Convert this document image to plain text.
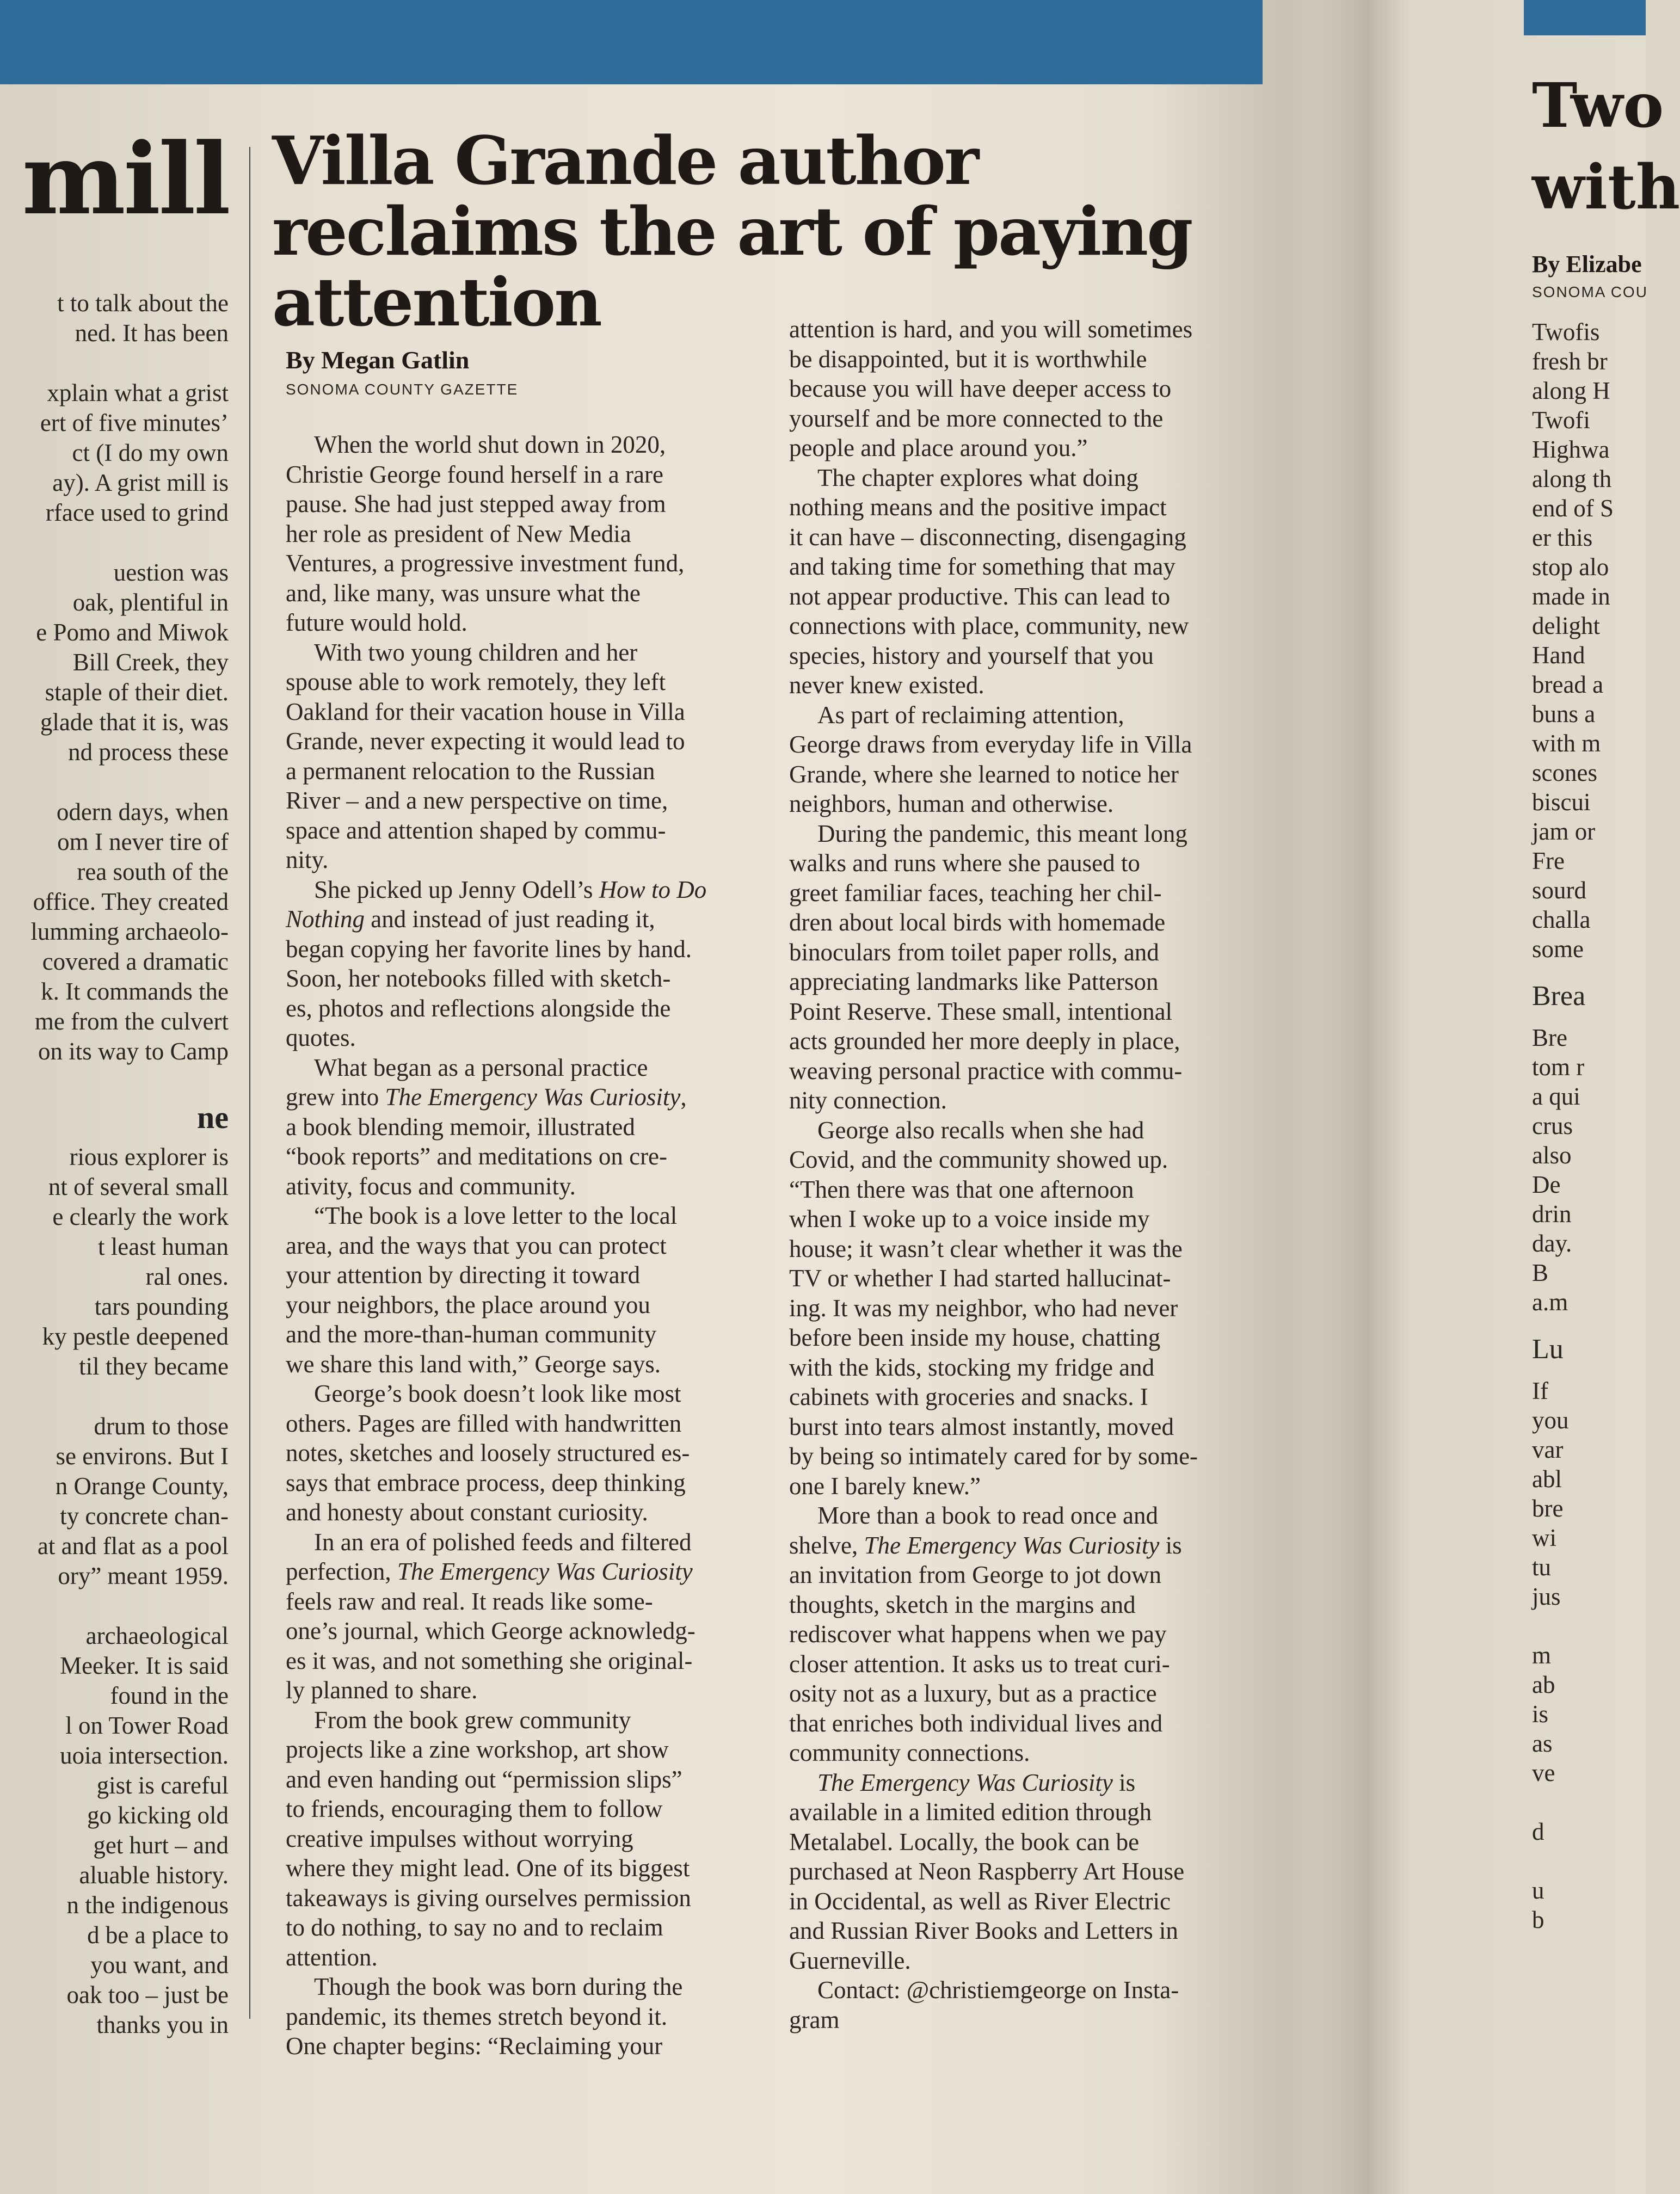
mill
t to talk about the
ned. It has been
xplain what a grist
ert of five minutes’
ct (I do my own
ay). A grist mill is
rface used to grind
uestion was
oak, plentiful in
e Pomo and Miwok
Bill Creek, they
staple of their diet.
glade that it is, was
nd process these
odern days, when
om I never tire of
rea south of the
office. They created
lumming archaeolo-
covered a dramatic
k. It commands the
me from the culvert
on its way to Camp
ne
rious explorer is
nt of several small
e clearly the work
t least human
ral ones.
tars pounding
ky pestle deepened
til they became
drum to those
se environs. But I
n Orange County,
ty concrete chan-
at and flat as a pool
ory” meant 1959.
archaeological
Meeker. It is said
found in the
l on Tower Road
uoia intersection.
gist is careful
go kicking old
get hurt – and
aluable history.
n the indigenous
d be a place to
you want, and
oak too – just be
thanks you in
Villa Grande author reclaims the art of paying attention
By Megan Gatlin
SONOMA COUNTY GAZETTE
When the world shut down in 2020,
Christie George found herself in a rare
pause. She had just stepped away from
her role as president of New Media
Ventures, a progressive investment fund,
and, like many, was unsure what the
future would hold.
With two young children and her
spouse able to work remotely, they left
Oakland for their vacation house in Villa
Grande, never expecting it would lead to
a permanent relocation to the Russian
River – and a new perspective on time,
space and attention shaped by commu-
nity.
She picked up Jenny Odell’s How to Do
Nothing and instead of just reading it,
began copying her favorite lines by hand.
Soon, her notebooks filled with sketch-
es, photos and reflections alongside the
quotes.
What began as a personal practice
grew into The Emergency Was Curiosity,
a book blending memoir, illustrated
“book reports” and meditations on cre-
ativity, focus and community.
“The book is a love letter to the local
area, and the ways that you can protect
your attention by directing it toward
your neighbors, the place around you
and the more-than-human community
we share this land with,” George says.
George’s book doesn’t look like most
others. Pages are filled with handwritten
notes, sketches and loosely structured es-
says that embrace process, deep thinking
and honesty about constant curiosity.
In an era of polished feeds and filtered
perfection, The Emergency Was Curiosity
feels raw and real. It reads like some-
one’s journal, which George acknowledg-
es it was, and not something she original-
ly planned to share.
From the book grew community
projects like a zine workshop, art show
and even handing out “permission slips”
to friends, encouraging them to follow
creative impulses without worrying
where they might lead. One of its biggest
takeaways is giving ourselves permission
to do nothing, to say no and to reclaim
attention.
Though the book was born during the
pandemic, its themes stretch beyond it.
One chapter begins: “Reclaiming your
attention is hard, and you will sometimes
be disappointed, but it is worthwhile
because you will have deeper access to
yourself and be more connected to the
people and place around you.”
The chapter explores what doing
nothing means and the positive impact
it can have – disconnecting, disengaging
and taking time for something that may
not appear productive. This can lead to
connections with place, community, new
species, history and yourself that you
never knew existed.
As part of reclaiming attention,
George draws from everyday life in Villa
Grande, where she learned to notice her
neighbors, human and otherwise.
During the pandemic, this meant long
walks and runs where she paused to
greet familiar faces, teaching her chil-
dren about local birds with homemade
binoculars from toilet paper rolls, and
appreciating landmarks like Patterson
Point Reserve. These small, intentional
acts grounded her more deeply in place,
weaving personal practice with commu-
nity connection.
George also recalls when she had
Covid, and the community showed up.
“Then there was that one afternoon
when I woke up to a voice inside my
house; it wasn’t clear whether it was the
TV or whether I had started hallucinat-
ing. It was my neighbor, who had never
before been inside my house, chatting
with the kids, stocking my fridge and
cabinets with groceries and snacks. I
burst into tears almost instantly, moved
by being so intimately cared for by some-
one I barely knew.”
More than a book to read once and
shelve, The Emergency Was Curiosity is
an invitation from George to jot down
thoughts, sketch in the margins and
rediscover what happens when we pay
closer attention. It asks us to treat curi-
osity not as a luxury, but as a practice
that enriches both individual lives and
community connections.
The Emergency Was Curiosity is
available in a limited edition through
Metalabel. Locally, the book can be
purchased at Neon Raspberry Art House
in Occidental, as well as River Electric
and Russian River Books and Letters in
Guerneville.
Contact: @christiemgeorge on Insta-
gram
Two
with
By Elizabe
SONOMA COU
Twofis
fresh br
along H
Twofi
Highwa
along th
end of S
er this
stop alo
made in
delight
Hand
bread a
buns a
with m
scones
biscui
jam or
Fre
sourd
challa
some
Brea
Bre
tom r
a qui
crus
also
De
drin
day.
B
a.m
Lu
If
you
var
abl
bre
wi
tu
jus

m
ab
is
as
ve

d

u
b
